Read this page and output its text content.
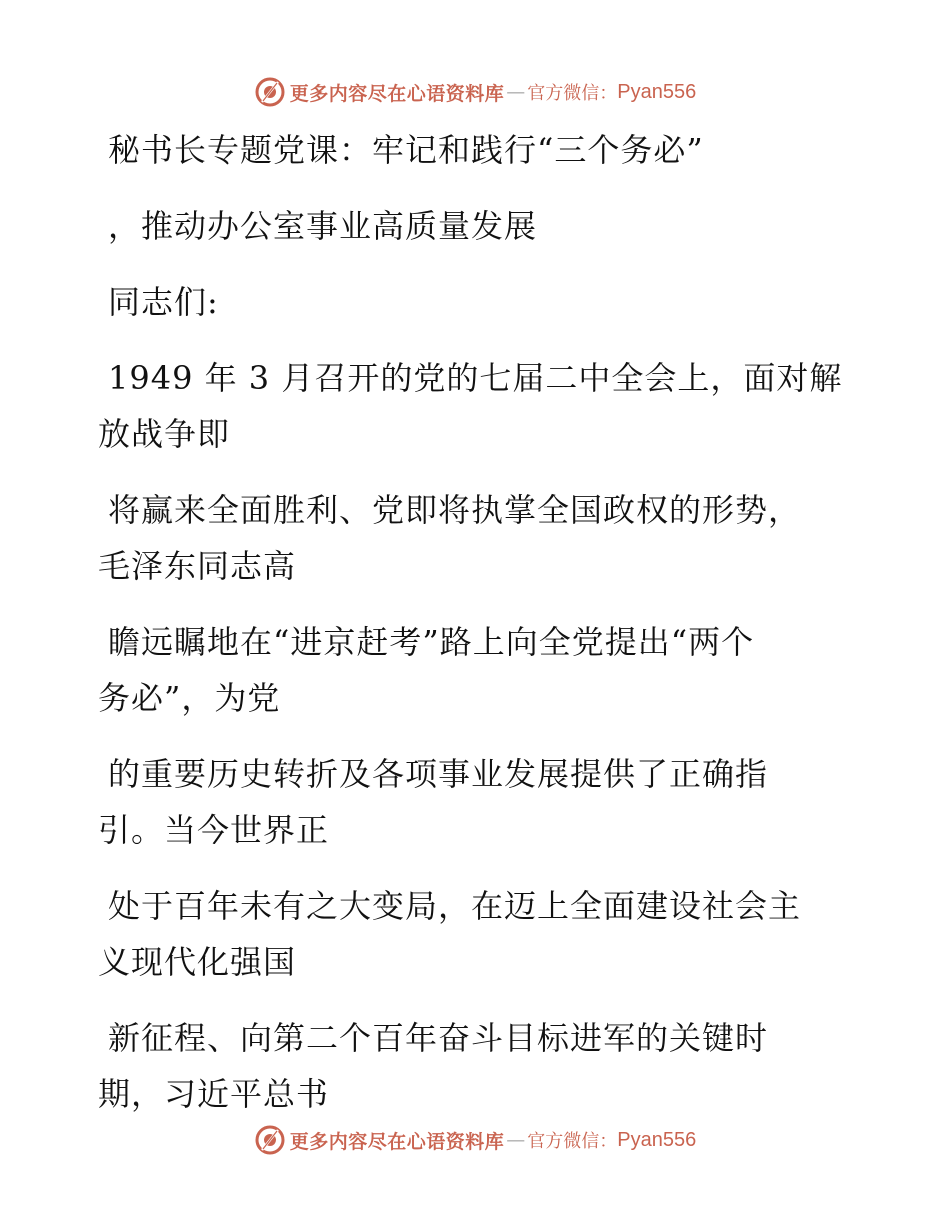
更多内容尽在心语资料库 — 官方微信： Pyan556
秘书长专题党课：牢记和践行“三个务必”
，推动办公室事业高质量发展
同志们:
1949 年 3 月召开的党的七届二中全会上，面对解
放战争即
将赢来全面胜利、党即将执掌全国政权的形势，
毛泽东同志高
瞻远瞩地在“进京赶考”路上向全党提出“两个
务必”，为党
的重要历史转折及各项事业发展提供了正确指
引。当今世界正
处于百年未有之大变局，在迈上全面建设社会主
义现代化强国
新征程、向第二个百年奋斗目标进军的关键时
期，习近平总书
更多内容尽在心语资料库 — 官方微信： Pyan556
